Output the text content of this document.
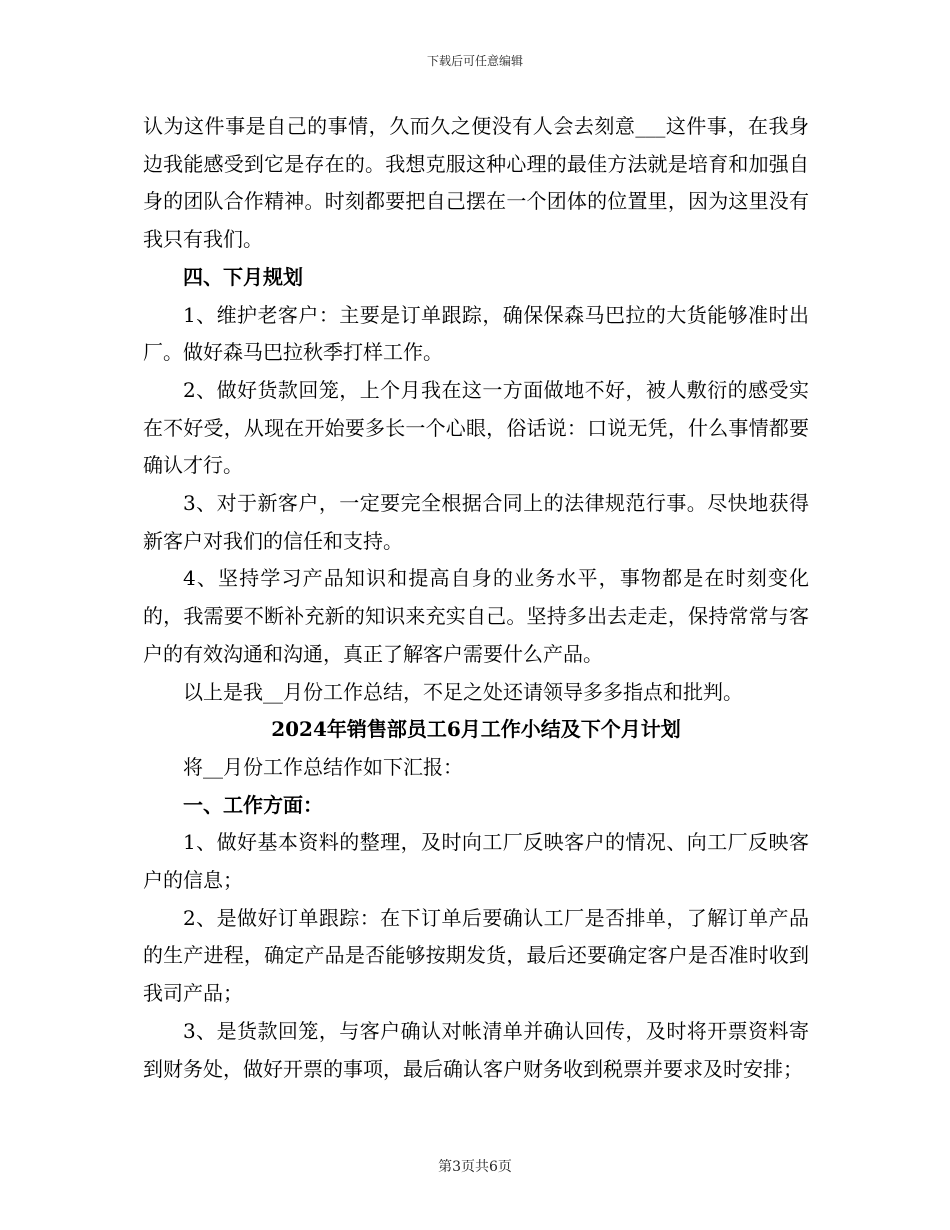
下载后可任意编辑

认为这件事是自己的事情，久而久之便没有人会去刻意___这件事，在我身边我能感受到它是存在的。我想克服这种心理的最佳方法就是培育和加强自身的团队合作精神。时刻都要把自己摆在一个团体的位置里，因为这里没有我只有我们。

四、下月规划

1、维护老客户：主要是订单跟踪，确保保森马巴拉的大货能够准时出厂。做好森马巴拉秋季打样工作。

2、做好货款回笼，上个月我在这一方面做地不好，被人敷衍的感受实在不好受，从现在开始要多长一个心眼，俗话说：口说无凭，什么事情都要确认才行。

3、对于新客户，一定要完全根据合同上的法律规范行事。尽快地获得新客户对我们的信任和支持。

4、坚持学习产品知识和提高自身的业务水平，事物都是在时刻变化的，我需要不断补充新的知识来充实自己。坚持多出去走走，保持常常与客户的有效沟通和沟通，真正了解客户需要什么产品。

以上是我__月份工作总结，不足之处还请领导多多指点和批判。

2024年销售部员工6月工作小结及下个月计划

将__月份工作总结作如下汇报：

一、工作方面：

1、做好基本资料的整理，及时向工厂反映客户的情况、向工厂反映客户的信息；

2、是做好订单跟踪：在下订单后要确认工厂是否排单，了解订单产品的生产进程，确定产品是否能够按期发货，最后还要确定客户是否准时收到我司产品；

3、是货款回笼，与客户确认对帐清单并确认回传，及时将开票资料寄到财务处，做好开票的事项，最后确认客户财务收到税票并要求及时安排；

第3页共6页
